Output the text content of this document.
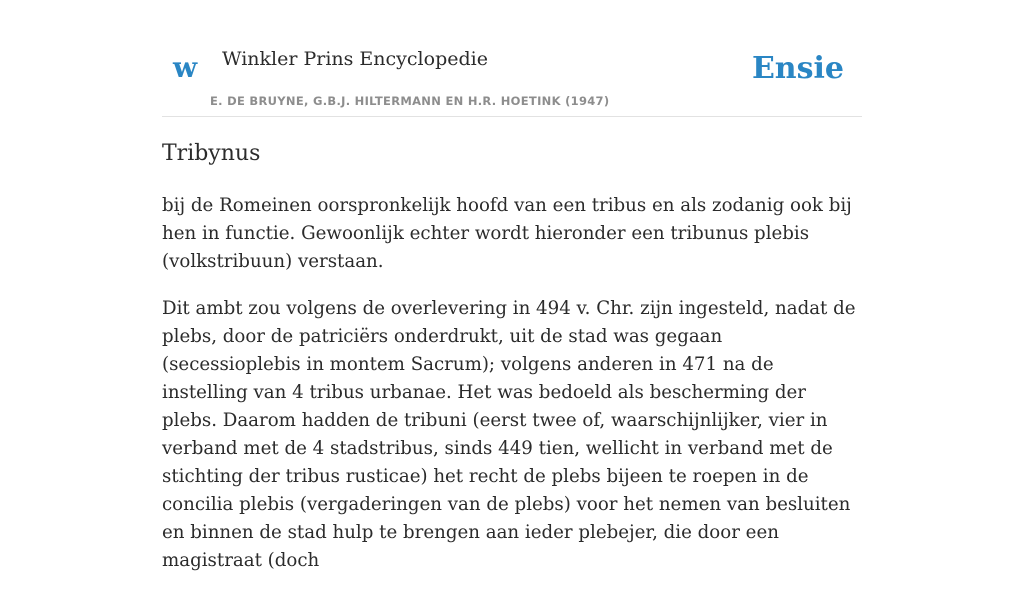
w Winkler Prins Encyclopedie
E. DE BRUYNE, G.B.J. HILTERMANN EN H.R. HOETINK (1947)
Ensie
Tribynus

bij de Romeinen oorspronkelijk hoofd van een tribus en als zodanig ook bij hen in functie. Gewoonlijk echter wordt hieronder een tribunus plebis (volkstribuun) verstaan.

Dit ambt zou volgens de overlevering in 494 v. Chr. zijn ingesteld, nadat de plebs, door de patriciërs onderdrukt, uit de stad was gegaan (secessioplebis in montem Sacrum); volgens anderen in 471 na de instelling van 4 tribus urbanae. Het was bedoeld als bescherming der plebs. Daarom hadden de tribuni (eerst twee of, waarschijnlijker, vier in verband met de 4 stadstribus, sinds 449 tien, wellicht in verband met de stichting der tribus rusticae) het recht de plebs bijeen te roepen in de concilia plebis (vergaderingen van de plebs) voor het nemen van besluiten en binnen de stad hulp te brengen aan ieder plebejer, die door een magistraat (doch
